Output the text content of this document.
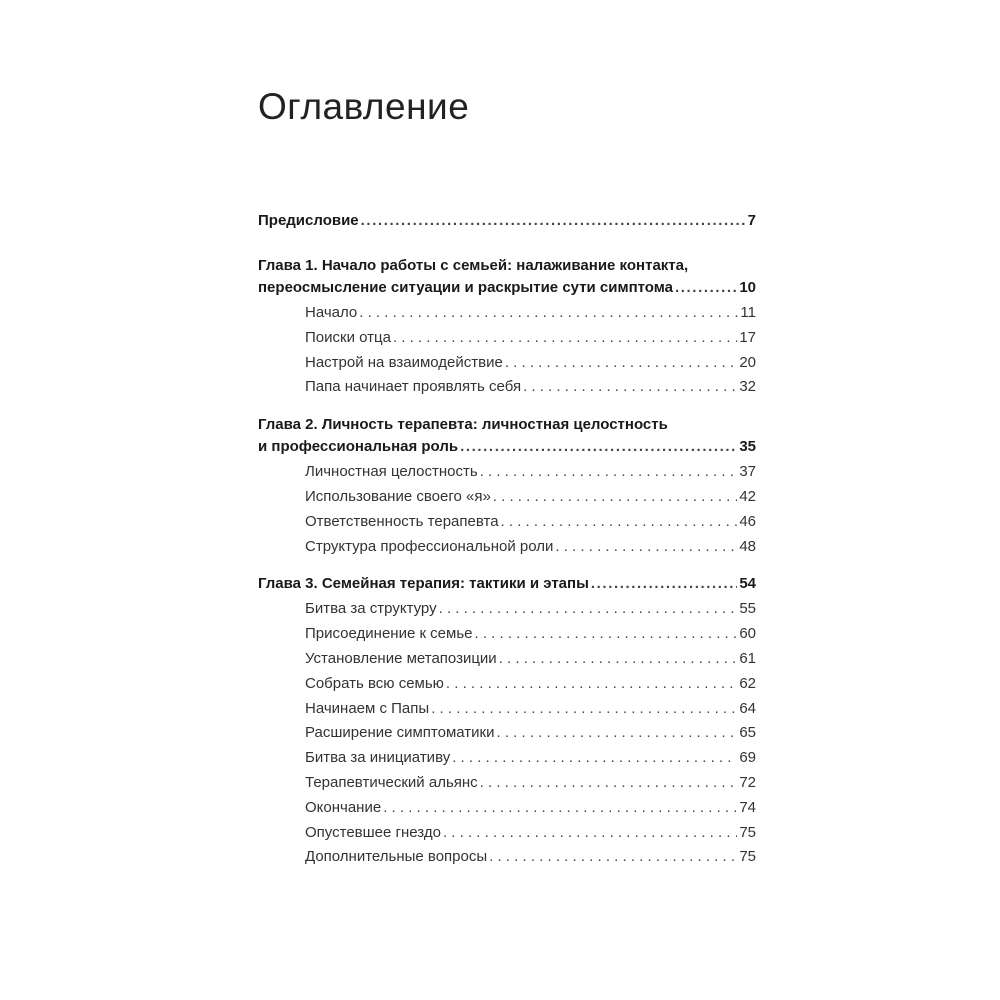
Оглавление
Предисловие .....	7
Глава 1. Начало работы с семьей: налаживание контакта,
переосмысление ситуации и раскрытие сути симптома .....	10
Начало . . .	11
Поиски отца . . .	17
Настрой на взаимодействие . . .	20
Папа начинает проявлять себя . . .	32
Глава 2. Личность терапевта: личностная целостность
и профессиональная роль .....	35
Личностная целостность . . .	37
Использование своего «я» . . .	42
Ответственность терапевта . . .	46
Структура профессиональной роли . . .	48
Глава 3. Семейная терапия: тактики и этапы .....	54
Битва за структуру . . .	55
Присоединение к семье . . .	60
Установление метапозиции . . .	61
Собрать всю семью . . .	62
Начинаем с Папы . . .	64
Расширение симптоматики . . .	65
Битва за инициативу . . .	69
Терапевтический альянс . . .	72
Окончание . . .	74
Опустевшее гнездо . . .	75
Дополнительные вопросы . . .	75
